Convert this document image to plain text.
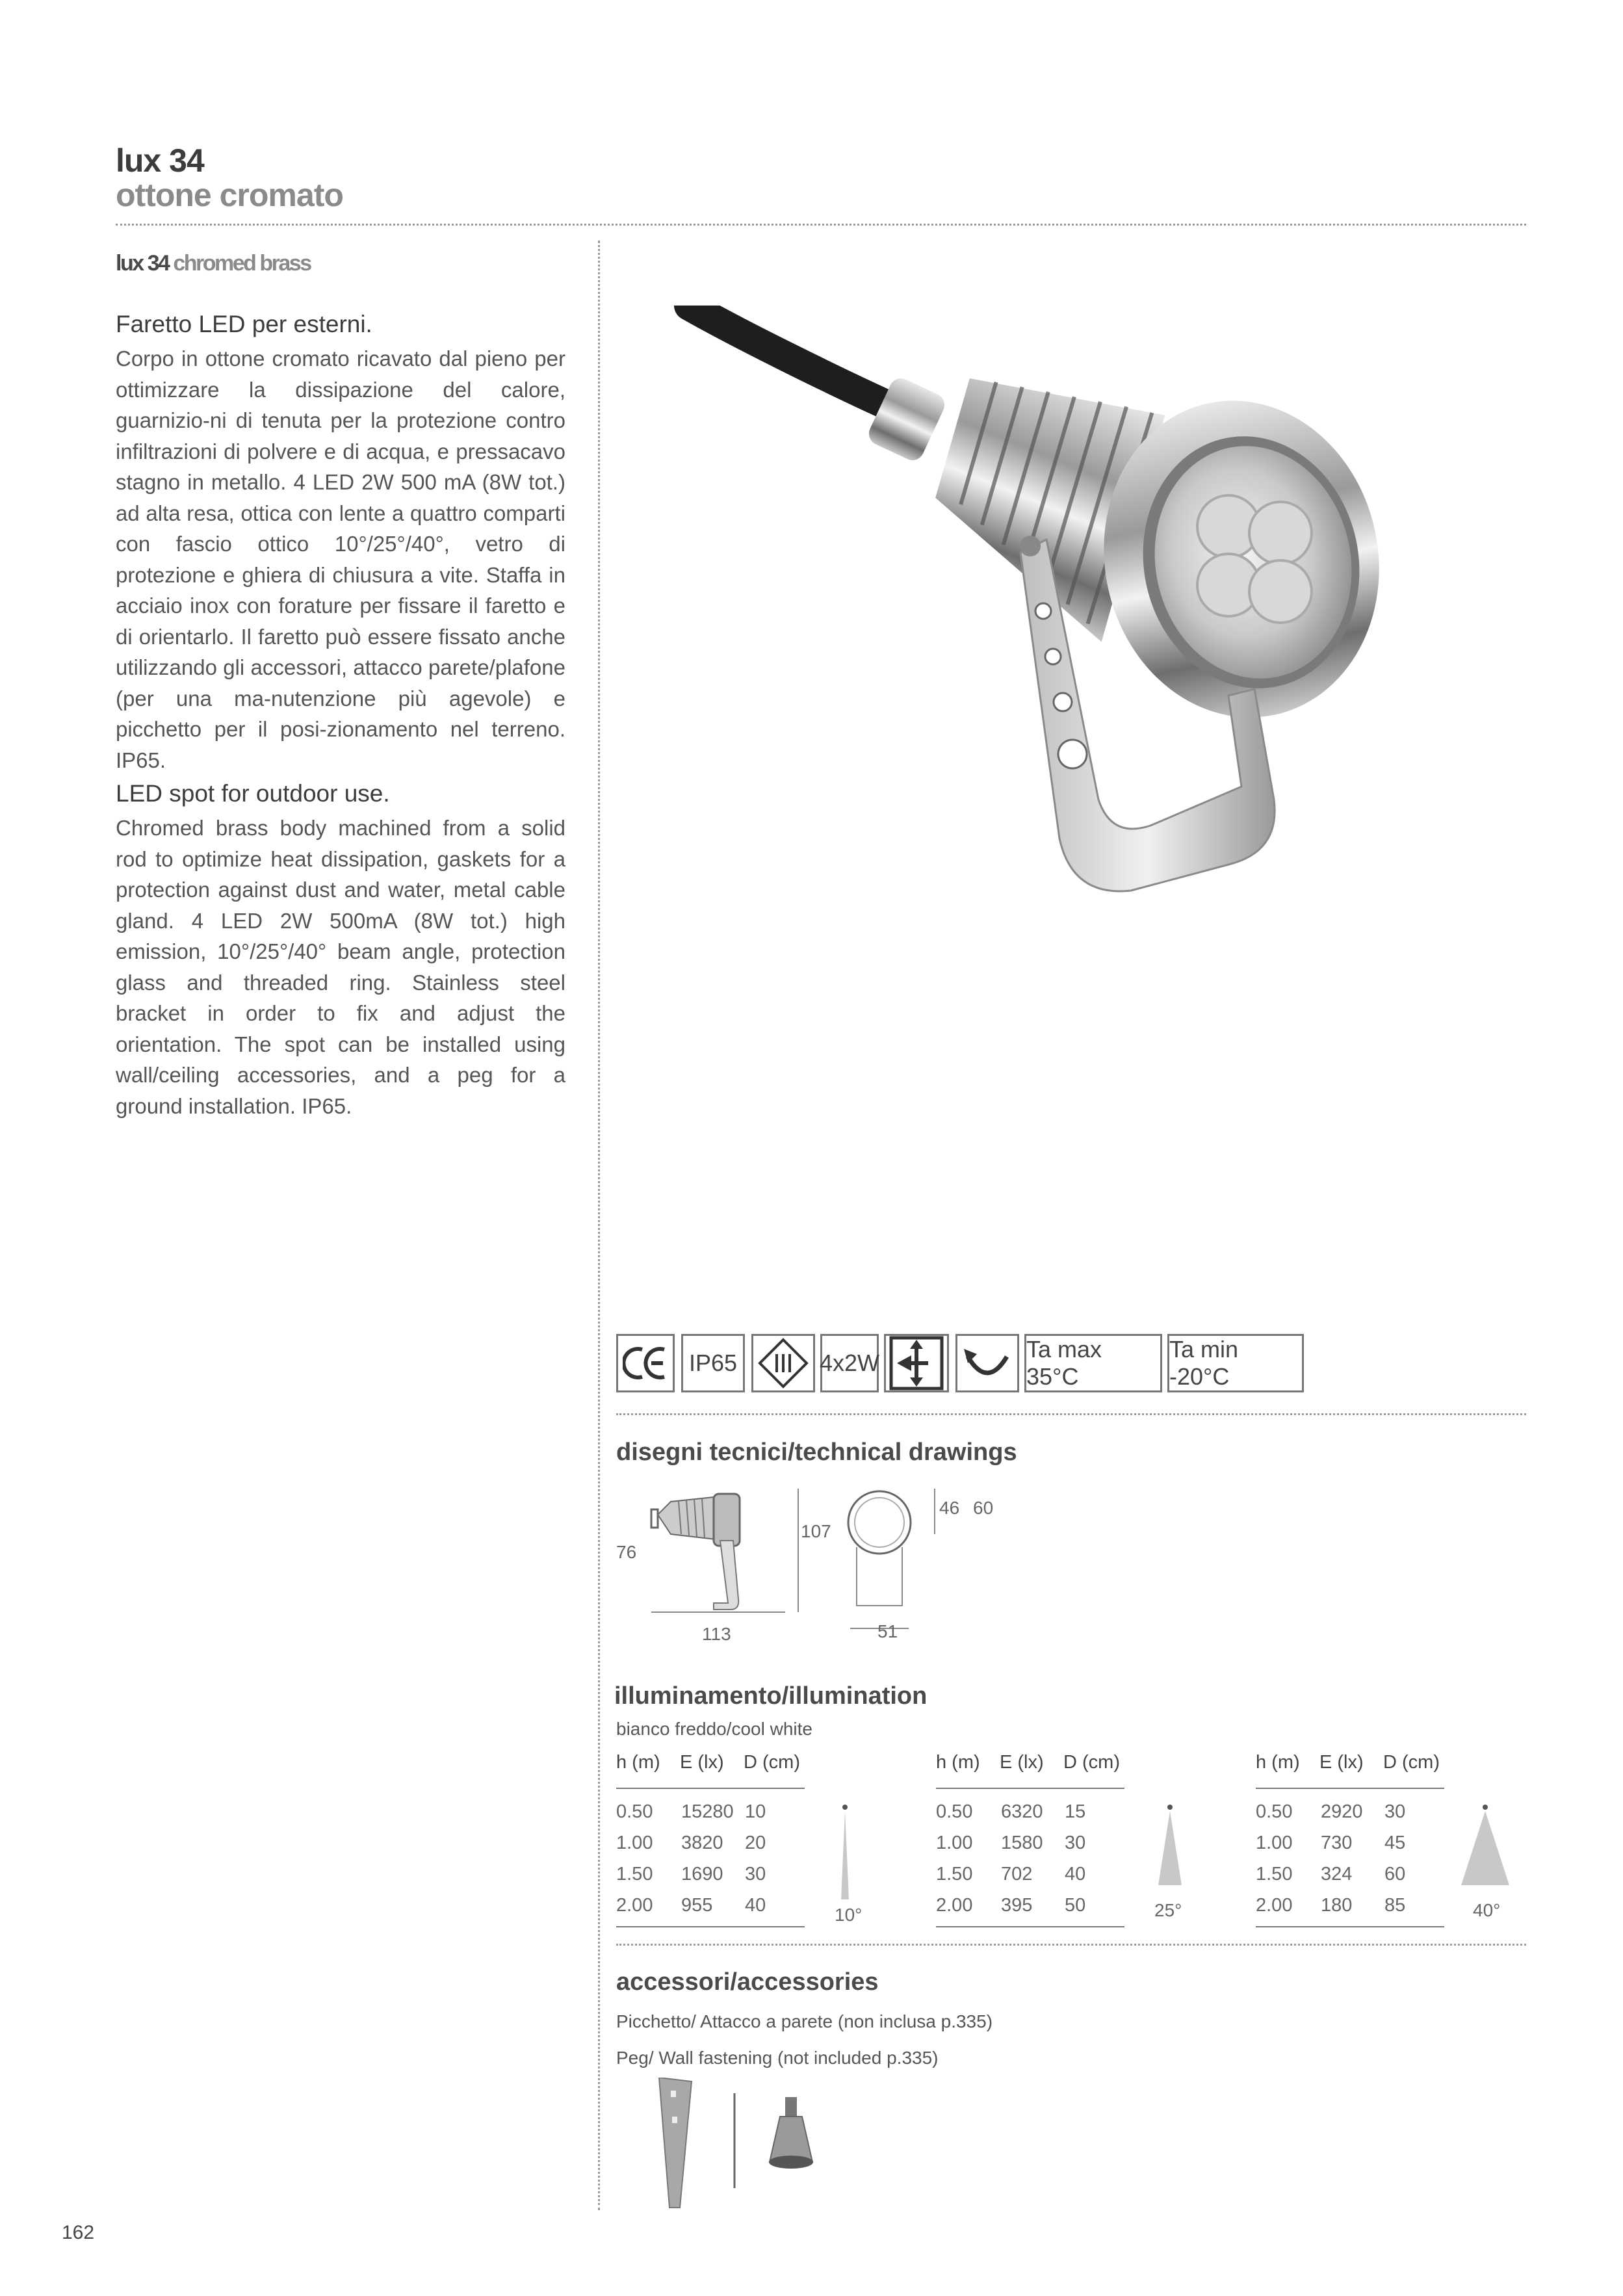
lux 34
ottone cromato
lux 34 chromed brass
Faretto LED per esterni.

Corpo in ottone cromato ricavato dal pieno per ottimizzare la dissipazione del calore, guarnizio-ni di tenuta per la protezione contro infiltrazioni di polvere e di acqua, e pressacavo stagno in metallo. 4 LED 2W 500 mA (8W tot.) ad alta resa, ottica con lente a quattro comparti con fascio ottico 10°/25°/40°, vetro di protezione e ghiera di chiusura a vite. Staffa in acciaio inox con forature per fissare il faretto e di orientarlo. Il faretto può essere fissato anche utilizzando gli accessori, attacco parete/plafone (per una ma-nutenzione più agevole) e picchetto per il posi-zionamento nel terreno. IP65.

LED spot for outdoor use.

Chromed brass body machined from a solid rod to optimize heat dissipation, gaskets for a protection against dust and water, metal cable gland. 4 LED 2W 500mA (8W tot.) high emission, 10°/25°/40° beam angle, protection glass and threaded ring. Stainless steel bracket in order to fix and adjust the orientation. The spot can be installed using wall/ceiling accessories, and a peg for a ground installation. IP65.

IP65	4x2W
Ta max 35°C
Ta min -20°C
disegni tecnici/technical drawings
76
107
113	51
46 60
illuminamento/illumination
bianco freddo/cool white
h (m) E (lx) D (cm)
0.50 15280 10
1.00 3820 20
1.50 1690 30
2.00 955 40	10°
h (m) E (lx) D (cm)
0.50 6320 15
1.00 1580 30
1.50 702 40
2.00 395 50	25°
h (m) E (lx) D (cm)
0.50 2920 30
1.00 730 45
1.50 324 60
2.00 180 85	40°
accessori/accessories
Picchetto/ Attacco a parete (non inclusa p.335)
Peg/ Wall fastening (not included p.335)
162
